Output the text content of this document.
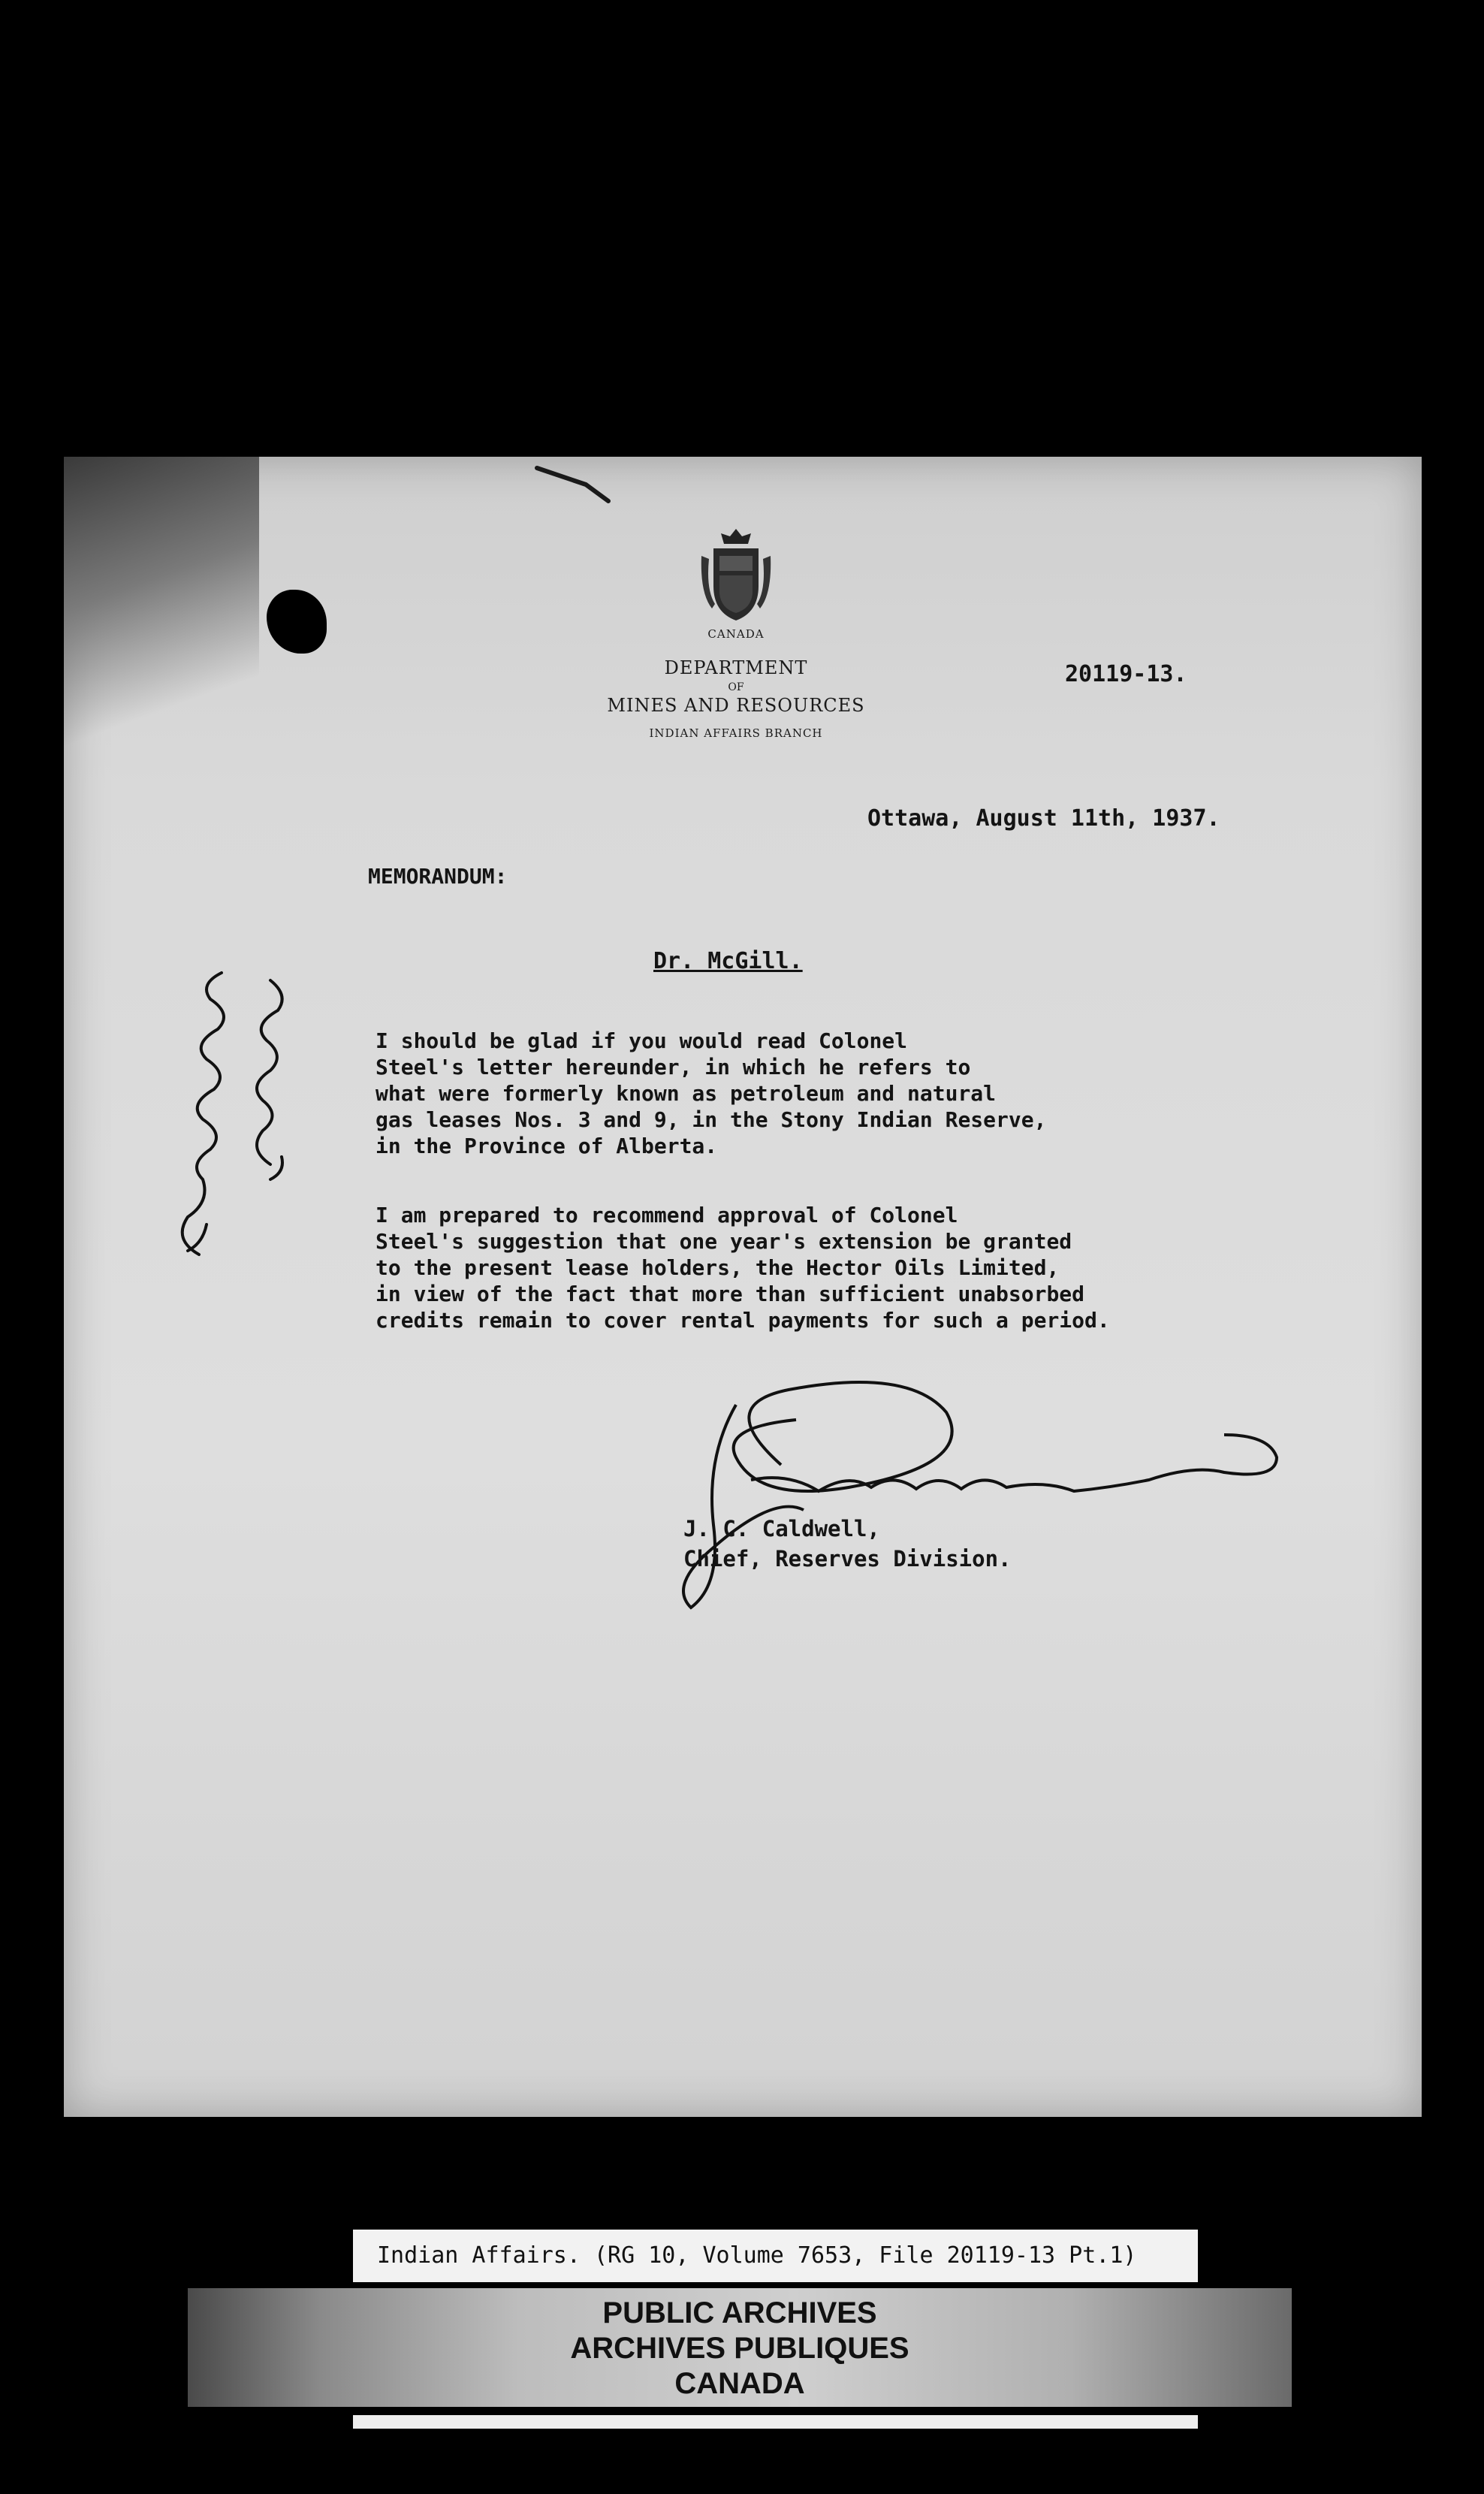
CANADA
DEPARTMENT
OF
MINES AND RESOURCES
INDIAN AFFAIRS BRANCH
20119-13.
Ottawa, August 11th, 1937.
MEMORANDUM:
Dr. McGill.

I should be glad if you would read Colonel
Steel's letter hereunder, in which he refers to
what were formerly known as petroleum and natural
gas leases Nos. 3 and 9, in the Stony Indian Reserve,
in the Province of Alberta.

I am prepared to recommend approval of Colonel
Steel's suggestion that one year's extension be granted
to the present lease holders, the Hector Oils Limited,
in view of the fact that more than sufficient unabsorbed
credits remain to cover rental payments for such a period.

J. C. Caldwell,
Chief, Reserves Division.
Indian Affairs. (RG 10, Volume 7653, File 20119-13 Pt.1)
PUBLIC ARCHIVES
ARCHIVES PUBLIQUES
CANADA
